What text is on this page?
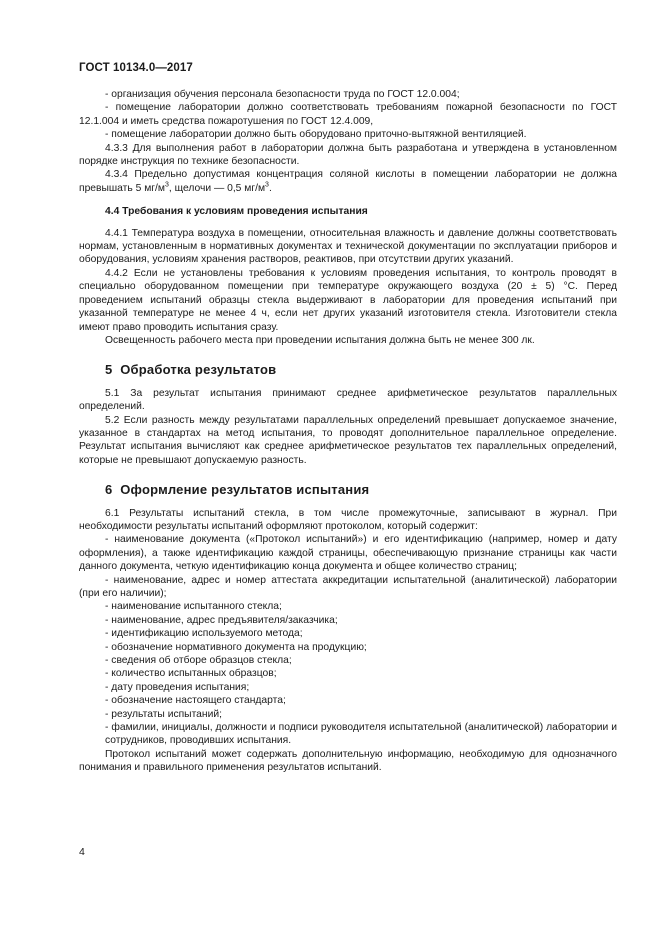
ГОСТ 10134.0—2017

- организация обучения персонала безопасности труда по ГОСТ 12.0.004;

- помещение лаборатории должно соответствовать требованиям пожарной безопасности по ГОСТ 12.1.004 и иметь средства пожаротушения по ГОСТ 12.4.009,

- помещение лаборатории должно быть оборудовано приточно-вытяжной вентиляцией.

4.3.3 Для выполнения работ в лаборатории должна быть разработана и утверждена в установленном порядке инструкция по технике безопасности.

4.3.4 Предельно допустимая концентрация соляной кислоты в помещении лаборатории не должна превышать 5 $мг/м^3$, щелочи — 0,5 $мг/м^3$.

4.4 Требования к условиям проведения испытания

4.4.1 Температура воздуха в помещении, относительная влажность и давление должны соответствовать нормам, установленным в нормативных документах и технической документации по эксплуатации приборов и оборудования, условиям хранения растворов, реактивов, при отсутствии других указаний.

4.4.2 Если не установлены требования к условиям проведения испытания, то контроль проводят в специально оборудованном помещении при температуре окружающего воздуха (20 ± 5) °С. Перед проведением испытаний образцы стекла выдерживают в лаборатории для проведения испытаний при указанной температуре не менее 4 ч, если нет других указаний изготовителя стекла. Изготовители стекла имеют право проводить испытания сразу.

Освещенность рабочего места при проведении испытания должна быть не менее 300 лк.

5 Обработка результатов

5.1 За результат испытания принимают среднее арифметическое результатов параллельных определений.

5.2 Если разность между результатами параллельных определений превышает допускаемое значение, указанное в стандартах на метод испытания, то проводят дополнительное параллельное определение. Результат испытания вычисляют как среднее арифметическое результатов тех параллельных определений, которые не превышают допускаемую разность.

6 Оформление результатов испытания

6.1 Результаты испытаний стекла, в том числе промежуточные, записывают в журнал. При необходимости результаты испытаний оформляют протоколом, который содержит:

- наименование документа («Протокол испытаний») и его идентификацию (например, номер и дату оформления), а также идентификацию каждой страницы, обеспечивающую признание страницы как части данного документа, четкую идентификацию конца документа и общее количество страниц;

- наименование, адрес и номер аттестата аккредитации испытательной (аналитической) лаборатории (при его наличии);

- наименование испытанного стекла;

- наименование, адрес предъявителя/заказчика;

- идентификацию используемого метода;

- обозначение нормативного документа на продукцию;

- сведения об отборе образцов стекла;

- количество испытанных образцов;

- дату проведения испытания;

- обозначение настоящего стандарта;

- результаты испытаний;

- фамилии, инициалы, должности и подписи руководителя испытательной (аналитической) лаборатории и сотрудников, проводивших испытания.

Протокол испытаний может содержать дополнительную информацию, необходимую для однозначного понимания и правильного применения результатов испытаний.

4
